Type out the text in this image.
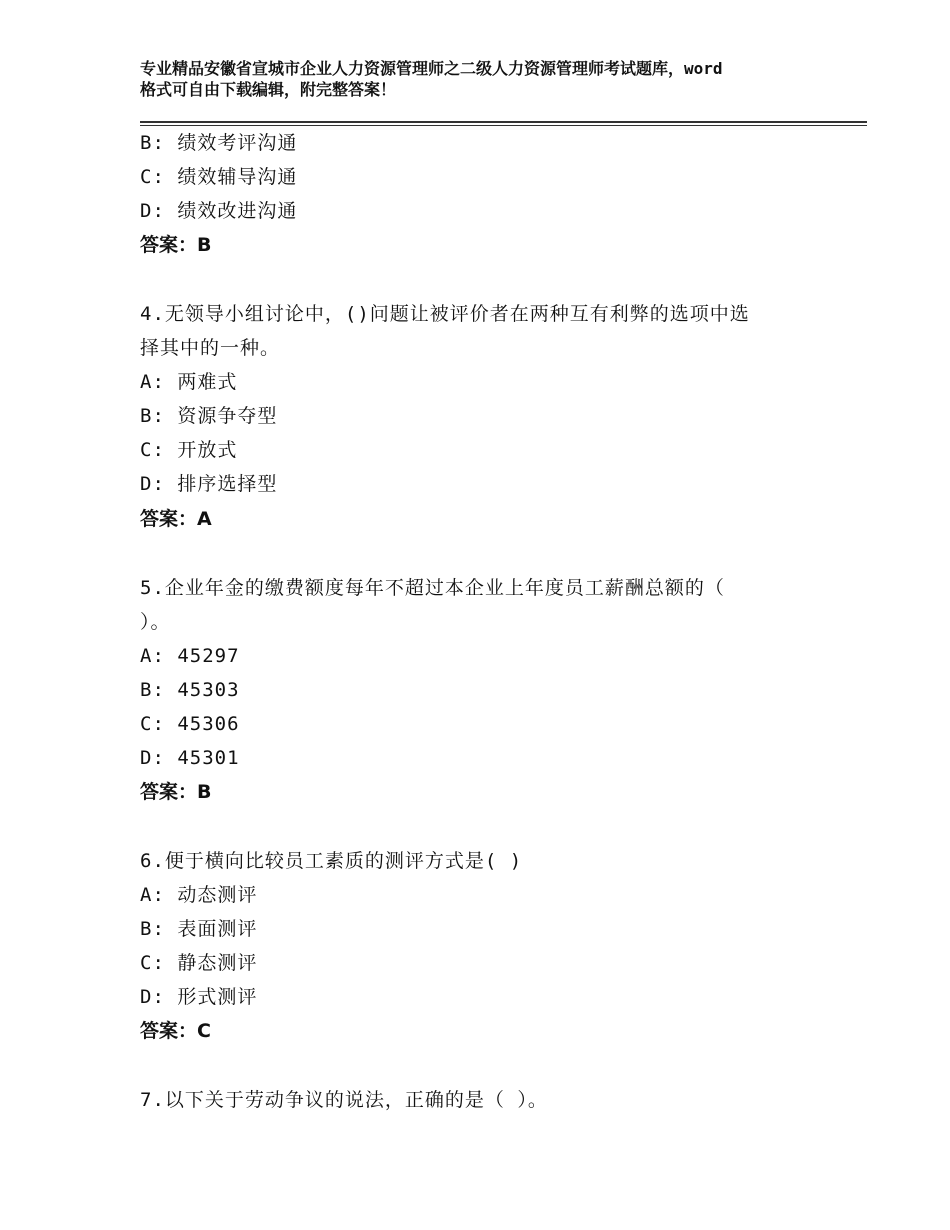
专业精品安徽省宣城市企业人力资源管理师之二级人力资源管理师考试题库，word
格式可自由下载编辑，附完整答案！
B: 绩效考评沟通
C: 绩效辅导沟通
D: 绩效改进沟通
答案：B
4.无领导小组讨论中，()问题让被评价者在两种互有利弊的选项中选
择其中的一种。
A: 两难式
B: 资源争夺型
C: 开放式
D: 排序选择型
答案：A
5.企业年金的缴费额度每年不超过本企业上年度员工薪酬总额的（
）。
A: 45297
B: 45303
C: 45306
D: 45301
答案：B
6.便于横向比较员工素质的测评方式是( )
A: 动态测评
B: 表面测评
C: 静态测评
D: 形式测评
答案：C
7.以下关于劳动争议的说法，正确的是（ ）。
